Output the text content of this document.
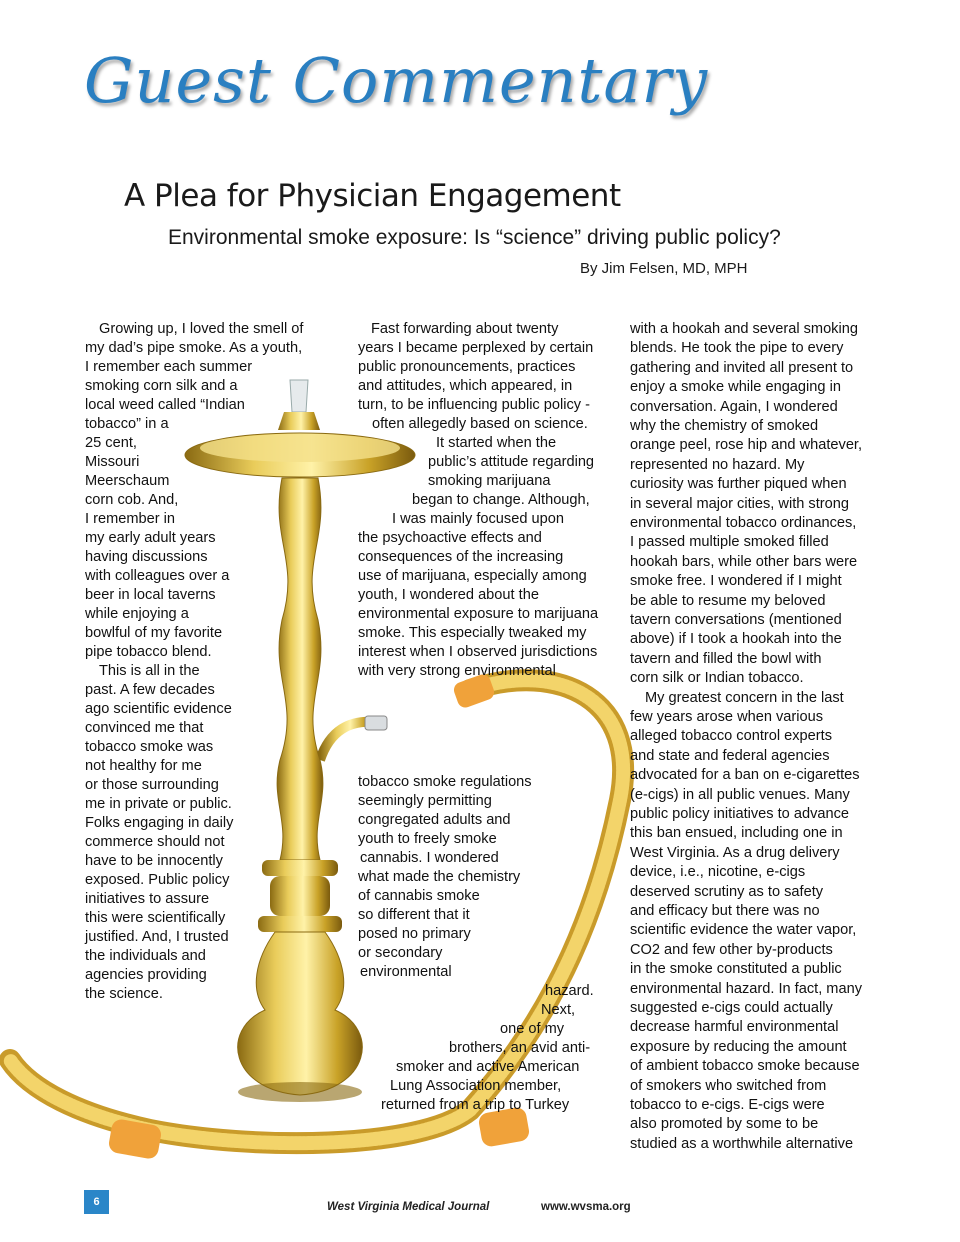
Guest Commentary
A Plea for Physician Engagement
Environmental smoke exposure: Is “science” driving public policy?
By Jim Felsen, MD, MPH
Growing up, I loved the smell of
my dad’s pipe smoke. As a youth,
I remember each summer
smoking corn silk and a
local weed called “Indian
tobacco” in a
25 cent,
Missouri
Meerschaum
corn cob. And,
I remember in
my early adult years
having discussions
with colleagues over a
beer in local taverns
while enjoying a
bowlful of my favorite
pipe tobacco blend.
This is all in the
past. A few decades
ago scientific evidence
convinced me that
tobacco smoke was
not healthy for me
or those surrounding
me in private or public.
Folks engaging in daily
commerce should not
have to be innocently
exposed. Public policy
initiatives to assure
this were scientifically
justified. And, I trusted
the individuals and
agencies providing
the science.
Fast forwarding about twenty
years I became perplexed by certain
public pronouncements, practices
and attitudes, which appeared, in
turn, to be influencing public policy -
often allegedly based on science.
It started when the
public’s attitude regarding
smoking marijuana
began to change. Although,
I was mainly focused upon
the psychoactive effects and
consequences of the increasing
use of marijuana, especially among
youth, I wondered about the
environmental exposure to marijuana
smoke. This especially tweaked my
interest when I observed jurisdictions
with very strong environmental
tobacco smoke regulations
seemingly permitting
congregated adults and
youth to freely smoke
cannabis. I wondered
what made the chemistry
of cannabis smoke
so different that it
posed no primary
or secondary
environmental
hazard.
Next,
one of my
brothers, an avid anti-
smoker and active American
Lung Association member,
returned from a trip to Turkey
with a hookah and several smoking
blends. He took the pipe to every
gathering and invited all present to
enjoy a smoke while engaging in
conversation. Again, I wondered
why the chemistry of smoked
orange peel, rose hip and whatever,
represented no hazard. My
curiosity was further piqued when
in several major cities, with strong
environmental tobacco ordinances,
I passed multiple smoked filled
hookah bars, while other bars were
smoke free. I wondered if I might
be able to resume my beloved
tavern conversations (mentioned
above) if I took a hookah into the
tavern and filled the bowl with
corn silk or Indian tobacco.
My greatest concern in the last
few years arose when various
alleged tobacco control experts
and state and federal agencies
advocated for a ban on e-cigarettes
(e-cigs) in all public venues. Many
public policy initiatives to advance
this ban ensued, including one in
West Virginia. As a drug delivery
device, i.e., nicotine, e-cigs
deserved scrutiny as to safety
and efficacy but there was no
scientific evidence the water vapor,
CO2 and few other by-products
in the smoke constituted a public
environmental hazard. In fact, many
suggested e-cigs could actually
decrease harmful environmental
exposure by reducing the amount
of ambient tobacco smoke because
of smokers who switched from
tobacco to e-cigs. E-cigs were
also promoted by some to be
studied as a worthwhile alternative
6	West Virginia Medical Journal	www.wvsma.org
